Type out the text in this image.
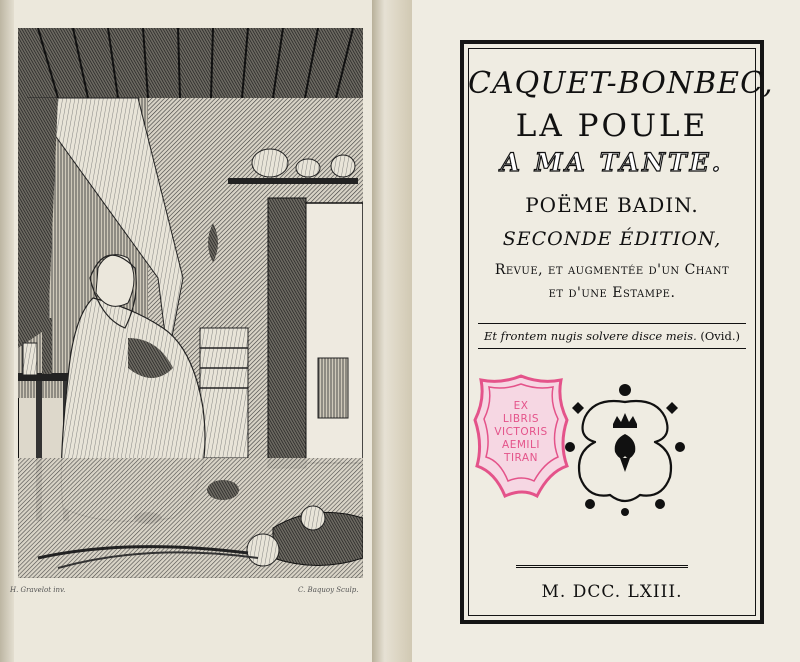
H. Gravelot inv.	C. Baquoy Sculp.
CAQUET-BONBEC,
LA POULE
A MA TANTE.
POËME BADIN.
SECONDE ÉDITION,
Revue, et augmentée d'un Chant
et d'une Estampe.
Et frontem nugis solvere disce meis. (Ovid.)
EX
LIBRIS
VICTORIS
AEMILI
TIRAN
M. DCC. LXIII.
